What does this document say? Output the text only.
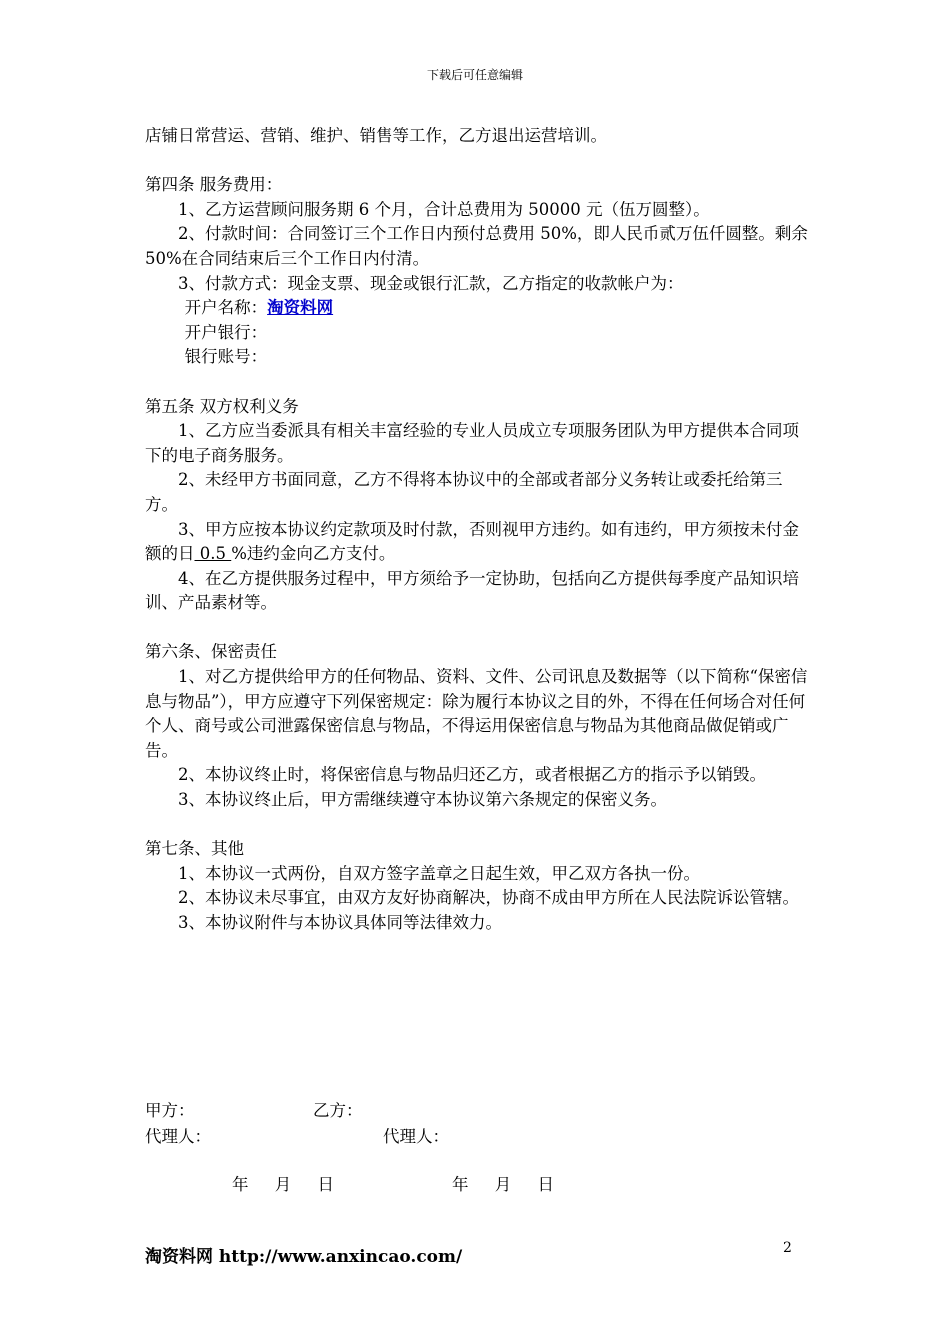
下载后可任意编辑

店铺日常营运、营销、维护、销售等工作，乙方退出运营培训。

第四条 服务费用：

1、乙方运营顾问服务期 6 个月，合计总费用为 50000 元（伍万圆整）。

2、付款时间：合同签订三个工作日内预付总费用 50%，即人民币贰万伍仟圆整。剩余 50%在合同结束后三个工作日内付清。

3、付款方式：现金支票、现金或银行汇款，乙方指定的收款帐户为：

开户名称：淘资料网

开户银行：

银行账号：

第五条 双方权利义务

1、乙方应当委派具有相关丰富经验的专业人员成立专项服务团队为甲方提供本合同项下的电子商务服务。

2、未经甲方书面同意，乙方不得将本协议中的全部或者部分义务转让或委托给第三方。

3、甲方应按本协议约定款项及时付款，否则视甲方违约。如有违约，甲方须按未付金额的日 0.5 %违约金向乙方支付。

4、在乙方提供服务过程中，甲方须给予一定协助，包括向乙方提供每季度产品知识培训、产品素材等。

第六条、保密责任

1、对乙方提供给甲方的任何物品、资料、文件、公司讯息及数据等（以下简称“保密信息与物品”），甲方应遵守下列保密规定：除为履行本协议之目的外，不得在任何场合对任何个人、商号或公司泄露保密信息与物品，不得运用保密信息与物品为其他商品做促销或广告。

2、本协议终止时，将保密信息与物品归还乙方，或者根据乙方的指示予以销毁。

3、本协议终止后，甲方需继续遵守本协议第六条规定的保密义务。

第七条、其他

1、本协议一式两份，自双方签字盖章之日起生效，甲乙双方各执一份。

2、本协议未尽事宜，由双方友好协商解决，协商不成由甲方所在人民法院诉讼管辖。

3、本协议附件与本协议具体同等法律效力。

甲方：	乙方：
代理人：	代理人：
年     月     日	年     月     日
淘资料网 http://www.anxincao.com/	2
